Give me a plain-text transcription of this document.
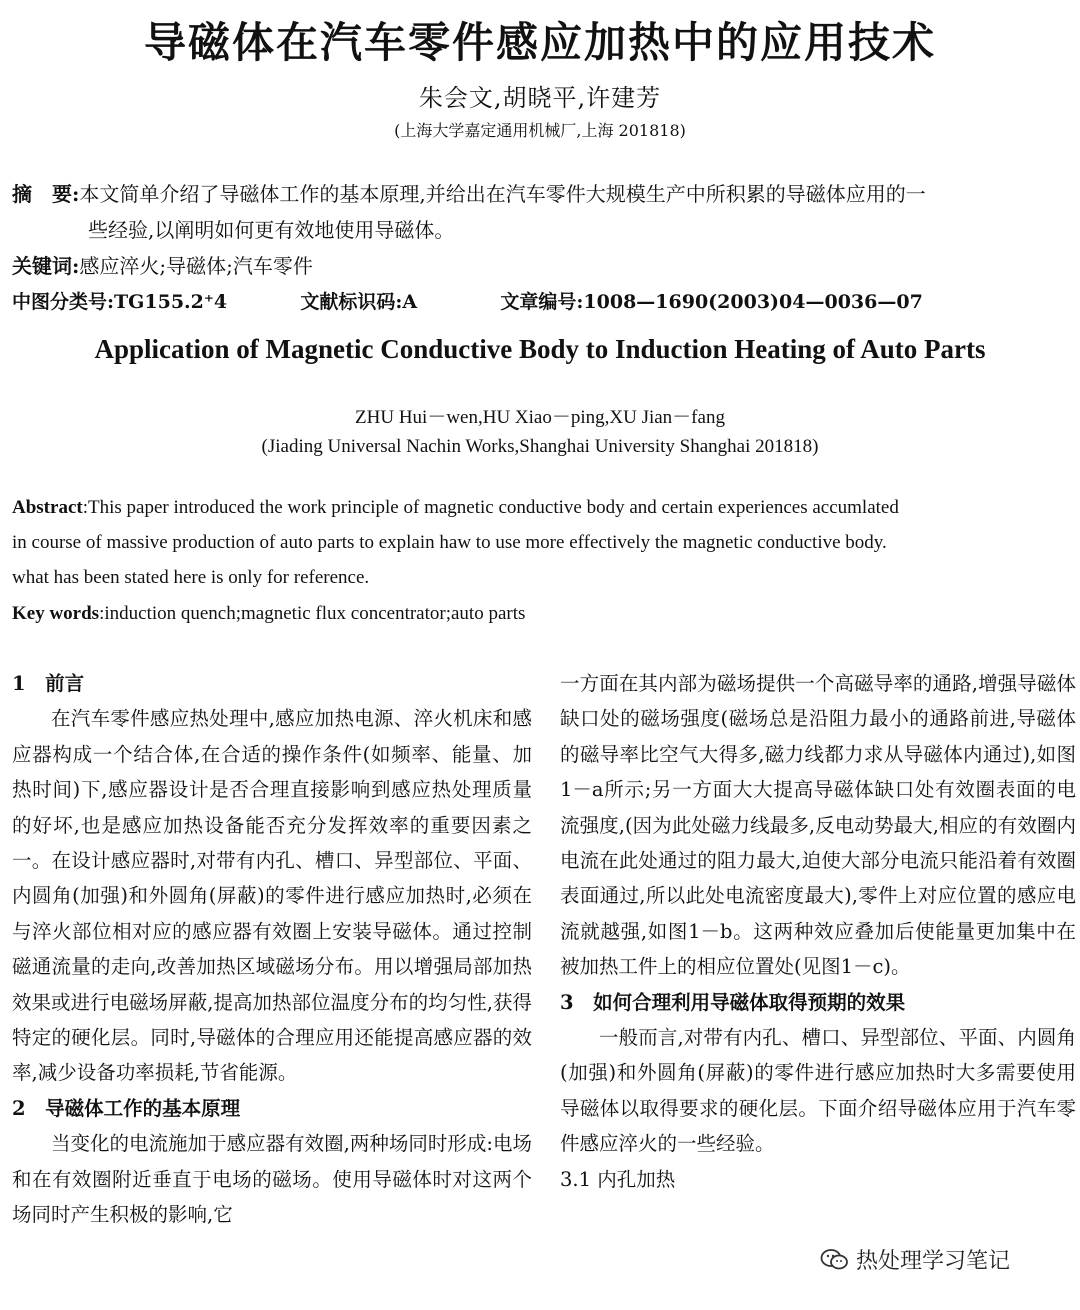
导磁体在汽车零件感应加热中的应用技术
朱会文,胡晓平,许建芳
(上海大学嘉定通用机械厂,上海 201818)
摘　要:本文简单介绍了导磁体工作的基本原理,并给出在汽车零件大规模生产中所积累的导磁体应用的一
些经验,以阐明如何更有效地使用导磁体。
关键词:感应淬火;导磁体;汽车零件
中图分类号:TG155.2⁺4	文献标识码:A	文章编号:1008—1690(2003)04—0036—07
Application of Magnetic Conductive Body to Induction Heating of Auto Parts
ZHU Hui－wen,HU Xiao－ping,XU Jian－fang
(Jiading Universal Nachin Works,Shanghai University Shanghai 201818)
Abstract:This paper introduced the work principle of magnetic conductive body and certain experiences accumlated
in course of massive production of auto parts to explain haw to use more effectively the magnetic conductive body.
what has been stated here is only for reference.
Key words:induction quench;magnetic flux concentrator;auto parts

1　前言

在汽车零件感应热处理中,感应加热电源、淬火机床和感应器构成一个结合体,在合适的操作条件(如频率、能量、加热时间)下,感应器设计是否合理直接影响到感应热处理质量的好坏,也是感应加热设备能否充分发挥效率的重要因素之一。在设计感应器时,对带有内孔、槽口、异型部位、平面、内圆角(加强)和外圆角(屏蔽)的零件进行感应加热时,必须在与淬火部位相对应的感应器有效圈上安装导磁体。通过控制磁通流量的走向,改善加热区域磁场分布。用以增强局部加热效果或进行电磁场屏蔽,提高加热部位温度分布的均匀性,获得特定的硬化层。同时,导磁体的合理应用还能提高感应器的效率,减少设备功率损耗,节省能源。

2　导磁体工作的基本原理

当变化的电流施加于感应器有效圈,两种场同时形成:电场和在有效圈附近垂直于电场的磁场。使用导磁体时对这两个场同时产生积极的影响,它

一方面在其内部为磁场提供一个高磁导率的通路,增强导磁体缺口处的磁场强度(磁场总是沿阻力最小的通路前进,导磁体的磁导率比空气大得多,磁力线都力求从导磁体内通过),如图1－a所示;另一方面大大提高导磁体缺口处有效圈表面的电流强度,(因为此处磁力线最多,反电动势最大,相应的有效圈内电流在此处通过的阻力最大,迫使大部分电流只能沿着有效圈表面通过,所以此处电流密度最大),零件上对应位置的感应电流就越强,如图1－b。这两种效应叠加后使能量更加集中在被加热工件上的相应位置处(见图1－c)。

3　如何合理利用导磁体取得预期的效果

一般而言,对带有内孔、槽口、异型部位、平面、内圆角(加强)和外圆角(屏蔽)的零件进行感应加热时大多需要使用导磁体以取得要求的硬化层。下面介绍导磁体应用于汽车零件感应淬火的一些经验。

3.1 内孔加热

热处理学习笔记
